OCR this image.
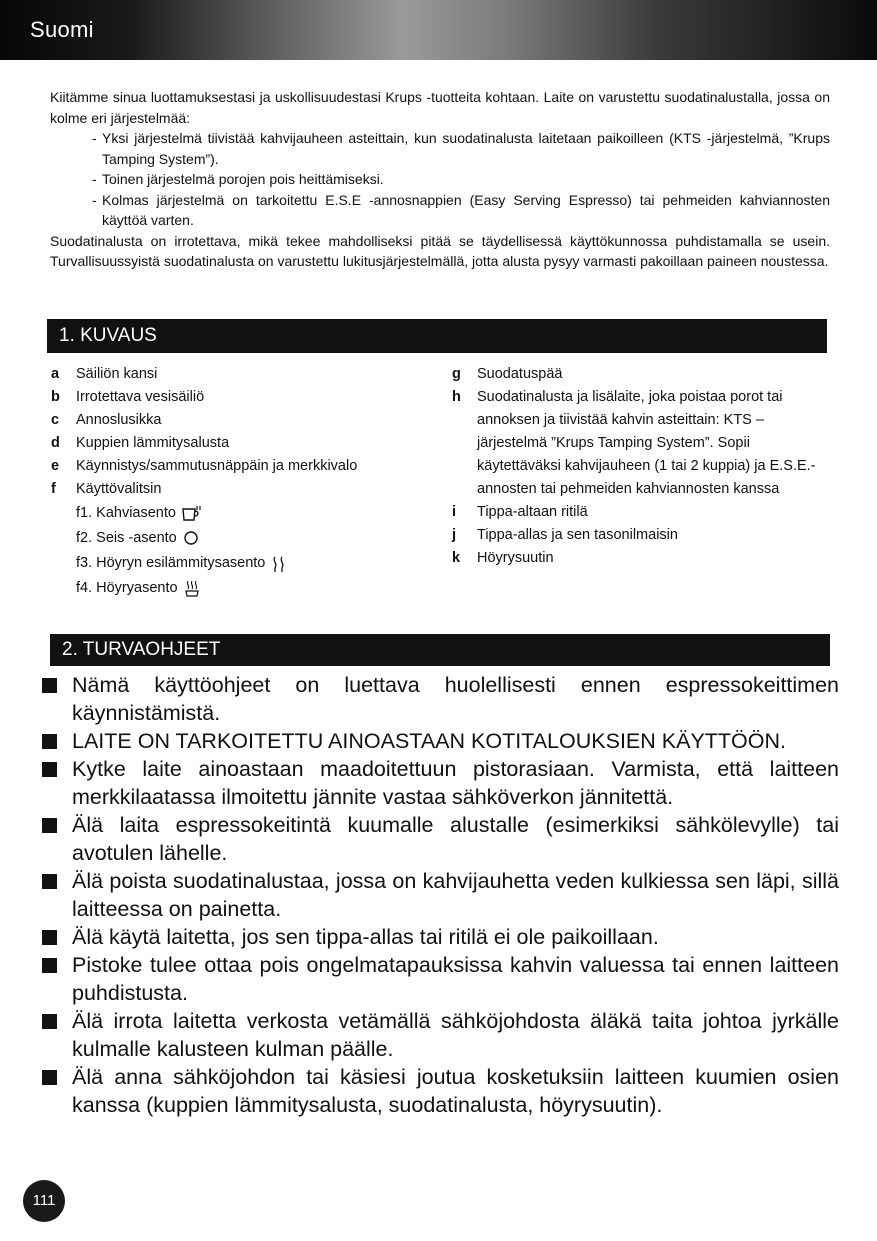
Suomi

Kiitämme sinua luottamuksestasi ja uskollisuudestasi Krups -tuotteita kohtaan. Laite on varustettu suodatinalustalla, jossa on kolme eri järjestelmää:

- Yksi järjestelmä tiivistää kahvijauheen asteittain, kun suodatinalusta laitetaan paikoilleen (KTS -järjestelmä, ”Krups Tamping System”).
- Toinen järjestelmä porojen pois heittämiseksi.
- Kolmas järjestelmä on tarkoitettu E.S.E -annosnappien (Easy Serving Espresso) tai pehmeiden kahviannosten käyttöä varten.

Suodatinalusta on irrotettava, mikä tekee mahdolliseksi pitää se täydellisessä käyttökunnossa puhdistamalla se usein. Turvallisuussyistä suodatinalusta on varustettu lukitusjärjestelmällä, jotta alusta pysyy varmasti pakoillaan paineen noustessa.

1. KUVAUS
a	Säiliön kansi
b	Irrotettava vesisäiliö
c	Annoslusikka
d	Kuppien lämmitysalusta
e	Käynnistys/sammutusnäppäin ja merkkivalo
f	Käyttövalitsin
f1. Kahviasento
f2. Seis -asento
f3. Höyryn esilämmitysasento
f4. Höyryasento
g	Suodatuspää
h	Suodatinalusta ja lisälaite, joka poistaa porot tai annoksen ja tiivistää kahvin asteittain: KTS – järjestelmä ”Krups Tamping System”. Sopii käytettäväksi kahvijauheen (1 tai 2 kuppia) ja E.S.E.-annosten tai pehmeiden kahviannosten kanssa
i	Tippa-altaan ritilä
j	Tippa-allas ja sen tasonilmaisin
k	Höyrysuutin
2. TURVAOHJEET
Nämä käyttöohjeet on luettava huolellisesti ennen espressokeittimen käynnistämistä.
LAITE ON TARKOITETTU AINOASTAAN KOTITALOUKSIEN KÄYTTÖÖN.
Kytke laite ainoastaan maadoitettuun pistorasiaan. Varmista, että laitteen merkkilaatassa ilmoitettu jännite vastaa sähköverkon jännitettä.
Älä laita espressokeitintä kuumalle alustalle (esimerkiksi sähkölevylle) tai avotulen lähelle.
Älä poista suodatinalustaa, jossa on kahvijauhetta veden kulkiessa sen läpi, sillä laitteessa on painetta.
Älä käytä laitetta, jos sen tippa-allas tai ritilä ei ole paikoillaan.
Pistoke tulee ottaa pois ongelmatapauksissa kahvin valuessa tai ennen laitteen puhdistusta.
Älä irrota laitetta verkosta vetämällä sähköjohdosta äläkä taita johtoa jyrkälle kulmalle kalusteen kulman päälle.
Älä anna sähköjohdon tai käsiesi joutua kosketuksiin laitteen kuumien osien kanssa (kuppien lämmitysalusta, suodatinalusta, höyrysuutin).
111
